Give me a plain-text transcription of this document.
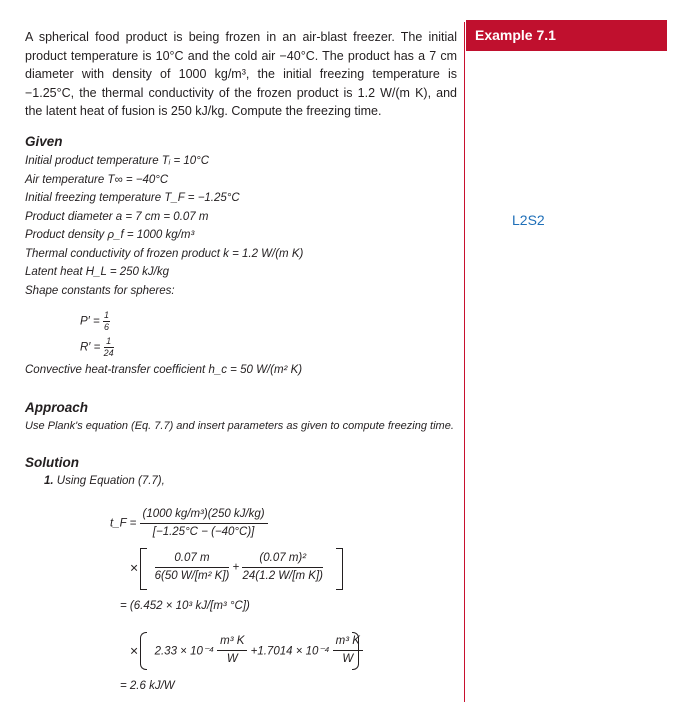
A spherical food product is being frozen in an air-blast freezer. The initial product temperature is 10°C and the cold air −40°C. The product has a 7 cm diameter with density of 1000 kg/m³, the initial freezing temperature is −1.25°C, the thermal conductivity of the frozen product is 1.2 W/(m K), and the latent heat of fusion is 250 kJ/kg. Compute the freezing time.
Example 7.1
L2S2
Given
Initial product temperature Tᵢ = 10°C
Air temperature T∞ = −40°C
Initial freezing temperature T_F = −1.25°C
Product diameter a = 7 cm = 0.07 m
Product density ρ_f = 1000 kg/m³
Thermal conductivity of frozen product k = 1.2 W/(m K)
Latent heat H_L = 250 kJ/kg
Shape constants for spheres:
$P' = \frac{1}{6}$
$R' = \frac{1}{24}$
Convective heat-transfer coefficient h_c = 50 W/(m² K)
Approach
Use Plank's equation (Eq. 7.7) and insert parameters as given to compute freezing time.
Solution
1. Using Equation (7.7),
t_F = $\frac{\text{(1000 kg/m³)(250 kJ/kg)}}{[-1.25^\circ C - (-40^\circ C)]}$
× $\frac{0.07 m}{\text{6(50 W/[m² K])}} + \frac{\text{(0.07 m)²}}{\text{24(1.2 W/[m K])}}$
= (6.452 × 10³ kJ/[m³ °C])
× $2.33 \times 10^{-4} \frac{\text{m³ K}}{W} +1.7014 \times 10^{-4} \frac{\text{m³ K}}{W}$
= 2.6 kJ/W
